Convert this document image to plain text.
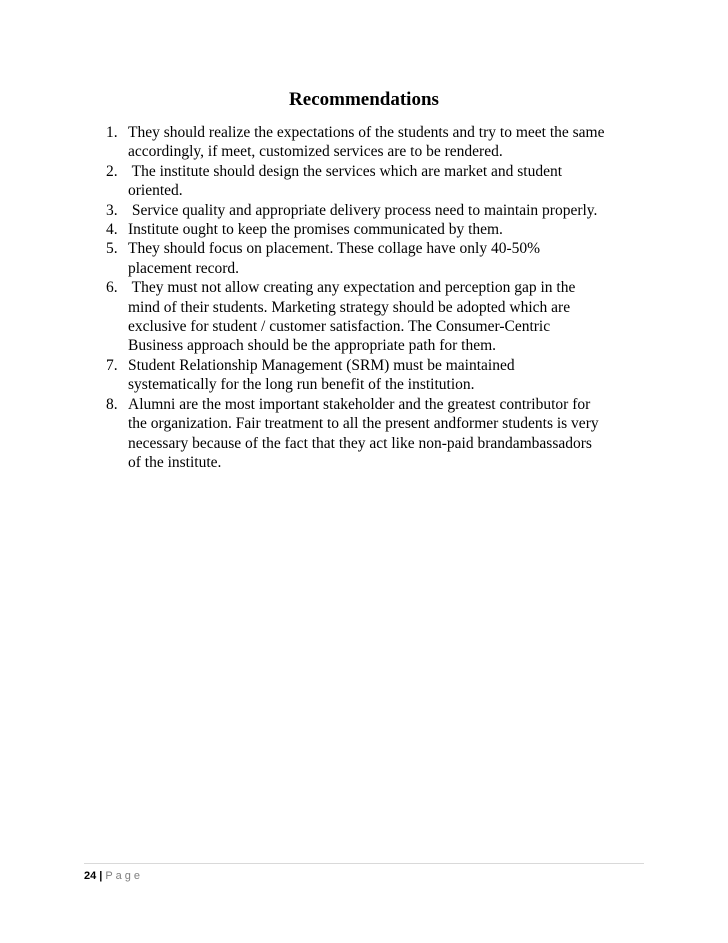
Recommendations
1. They should realize the expectations of the students and try to meet the same
accordingly, if meet, customized services are to be rendered.
2. The institute should design the services which are market and student
oriented.
3. Service quality and appropriate delivery process need to maintain properly.
4. Institute ought to keep the promises communicated by them.
5. They should focus on placement. These collage have only 40-50%
placement record.
6. They must not allow creating any expectation and perception gap in the
mind of their students. Marketing strategy should be adopted which are
exclusive for student / customer satisfaction. The Consumer-Centric
Business approach should be the appropriate path for them.
7. Student Relationship Management (SRM) must be maintained
systematically for the long run benefit of the institution.
8. Alumni are the most important stakeholder and the greatest contributor for
the organization. Fair treatment to all the present andformer students is very
necessary because of the fact that they act like non-paid brandambassadors
of the institute.
24 | Page
